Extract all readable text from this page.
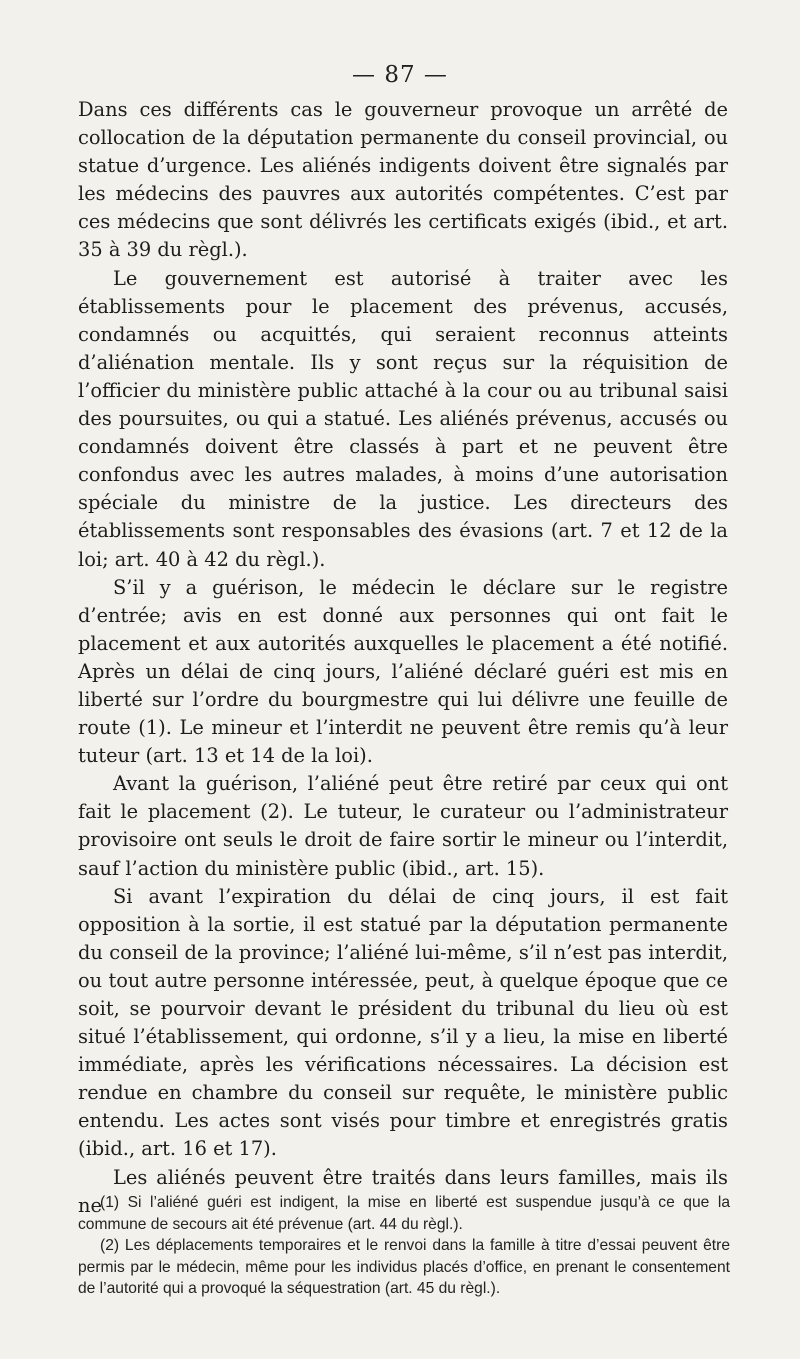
— 87 —

Dans ces différents cas le gouverneur provoque un arrêté de collocation de la députation permanente du conseil provincial, ou statue d’urgence. Les aliénés indigents doivent être signalés par les médecins des pauvres aux autorités compétentes. C’est par ces médecins que sont délivrés les certificats exigés (ibid., et art. 35 à 39 du règl.).

Le gouvernement est autorisé à traiter avec les établissements pour le placement des prévenus, accusés, condamnés ou acquittés, qui seraient reconnus atteints d’aliénation mentale. Ils y sont reçus sur la réquisition de l’officier du ministère public attaché à la cour ou au tribunal saisi des poursuites, ou qui a statué. Les aliénés prévenus, accusés ou condamnés doivent être classés à part et ne peuvent être confondus avec les autres malades, à moins d’une autorisation spéciale du ministre de la justice. Les directeurs des établissements sont responsables des évasions (art. 7 et 12 de la loi; art. 40 à 42 du règl.).

S’il y a guérison, le médecin le déclare sur le registre d’entrée; avis en est donné aux personnes qui ont fait le placement et aux autorités auxquelles le placement a été notifié. Après un délai de cinq jours, l’aliéné déclaré guéri est mis en liberté sur l’ordre du bourgmestre qui lui délivre une feuille de route (1). Le mineur et l’interdit ne peuvent être remis qu’à leur tuteur (art. 13 et 14 de la loi).

Avant la guérison, l’aliéné peut être retiré par ceux qui ont fait le placement (2). Le tuteur, le curateur ou l’administrateur provisoire ont seuls le droit de faire sortir le mineur ou l’interdit, sauf l’action du ministère public (ibid., art. 15).

Si avant l’expiration du délai de cinq jours, il est fait opposition à la sortie, il est statué par la députation permanente du conseil de la province; l’aliéné lui-même, s’il n’est pas interdit, ou tout autre personne intéressée, peut, à quelque époque que ce soit, se pourvoir devant le président du tribunal du lieu où est situé l’établissement, qui ordonne, s’il y a lieu, la mise en liberté immédiate, après les vérifications nécessaires. La décision est rendue en chambre du conseil sur requête, le ministère public entendu. Les actes sont visés pour timbre et enregistrés gratis (ibid., art. 16 et 17).

Les aliénés peuvent être traités dans leurs familles, mais ils ne

(1) Si l’aliéné guéri est indigent, la mise en liberté est suspendue jusqu’à ce que la commune de secours ait été prévenue (art. 44 du règl.).

(2) Les déplacements temporaires et le renvoi dans la famille à titre d’essai peuvent être permis par le médecin, même pour les individus placés d’office, en prenant le consentement de l’autorité qui a provoqué la séquestration (art. 45 du règl.).
